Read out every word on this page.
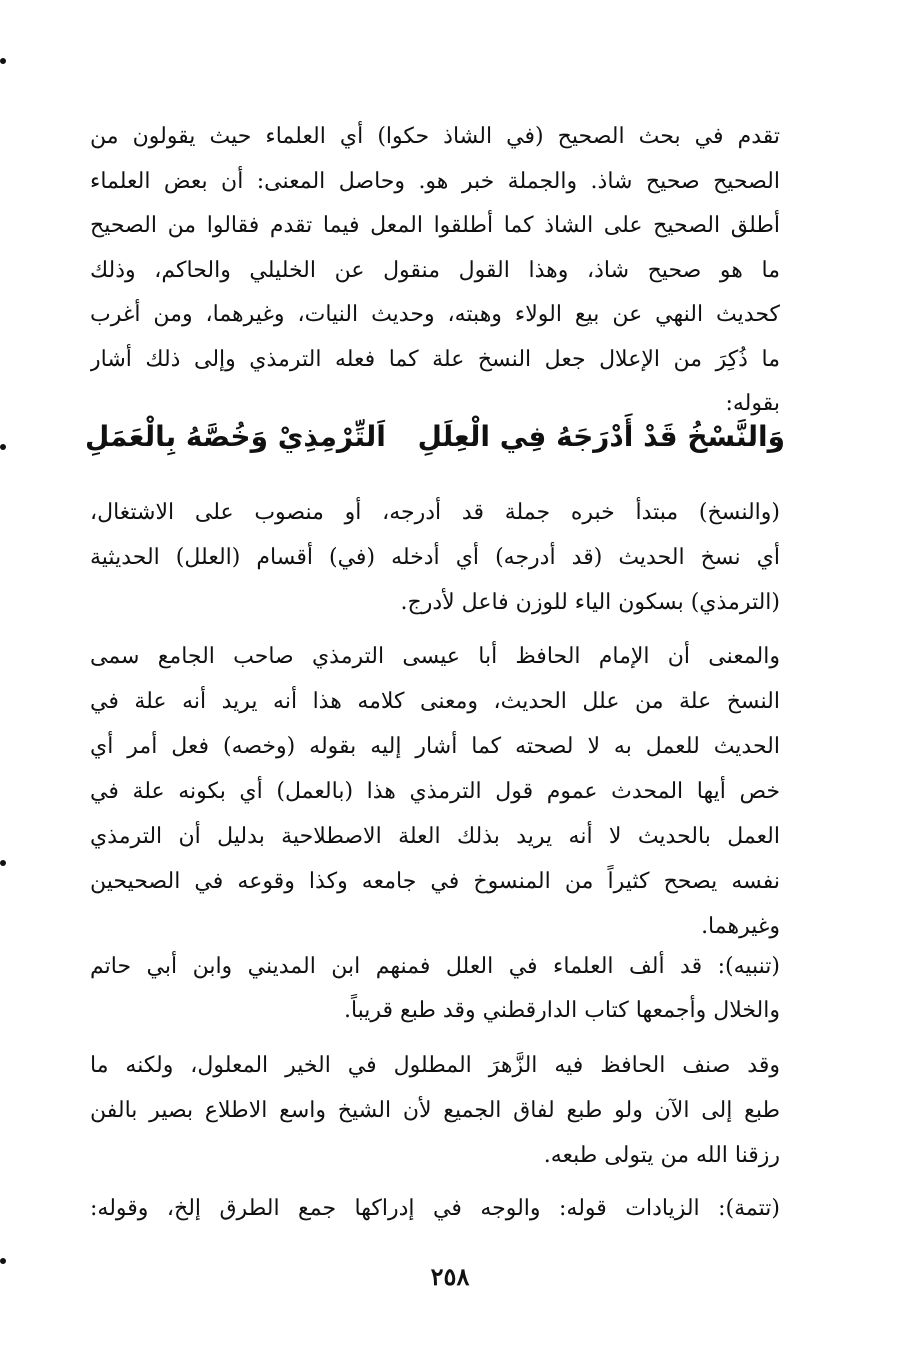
تقدم في بحث الصحيح (في الشاذ حكوا) أي العلماء حيث يقولون من
الصحيح صحيح شاذ. والجملة خبر هو. وحاصل المعنى: أن بعض العلماء
أطلق الصحيح على الشاذ كما أطلقوا المعل فيما تقدم فقالوا من الصحيح
ما هو صحيح شاذ، وهذا القول منقول عن الخليلي والحاكم، وذلك
كحديث النهي عن بيع الولاء وهبته، وحديث النيات، وغيرهما، ومن أغرب
ما ذُكِرَ من الإعلال جعل النسخ علة كما فعله الترمذي وإلى ذلك أشار
بقوله:
وَالنَّسْخُ قَدْ أَدْرَجَهُ فِي الْعِلَلِ
اَلتِّرْمِذِيْ وَخُصَّهُ بِالْعَمَلِ
(والنسخ) مبتدأ خبره جملة قد أدرجه، أو منصوب على الاشتغال،
أي نسخ الحديث (قد أدرجه) أي أدخله (في) أقسام (العلل) الحديثية
(الترمذي) بسكون الياء للوزن فاعل لأدرج.
والمعنى أن الإمام الحافظ أبا عيسى الترمذي صاحب الجامع سمى
النسخ علة من علل الحديث، ومعنى كلامه هذا أنه يريد أنه علة في
الحديث للعمل به لا لصحته كما أشار إليه بقوله (وخصه) فعل أمر أي
خص أيها المحدث عموم قول الترمذي هذا (بالعمل) أي بكونه علة في
العمل بالحديث لا أنه يريد بذلك العلة الاصطلاحية بدليل أن الترمذي
نفسه يصحح كثيراً من المنسوخ في جامعه وكذا وقوعه في الصحيحين
وغيرهما.
(تنبيه): قد ألف العلماء في العلل فمنهم ابن المديني وابن أبي حاتم
والخلال وأجمعها كتاب الدارقطني وقد طبع قريباً.
وقد صنف الحافظ فيه الزَّهرَ المطلول في الخير المعلول، ولكنه ما
طبع إلى الآن ولو طبع لفاق الجميع لأن الشيخ واسع الاطلاع بصير بالفن
رزقنا الله من يتولى طبعه.
(تتمة): الزيادات قوله: والوجه في إدراكها جمع الطرق إلخ، وقوله:
٢٥٨
